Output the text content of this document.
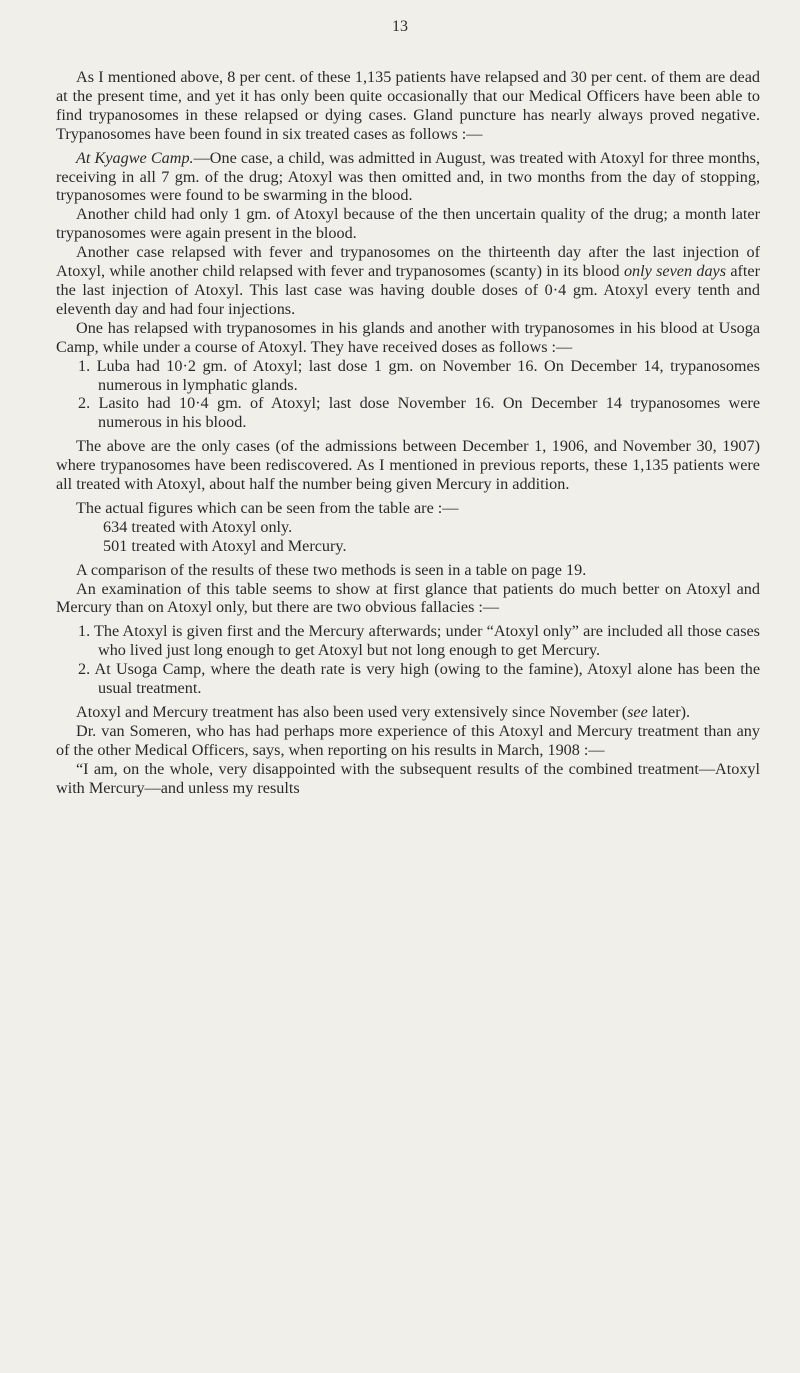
13

As I mentioned above, 8 per cent. of these 1,135 patients have relapsed and 30 per cent. of them are dead at the present time, and yet it has only been quite occasionally that our Medical Officers have been able to find trypanosomes in these relapsed or dying cases. Gland puncture has nearly always proved negative. Trypanosomes have been found in six treated cases as follows :—

At Kyagwe Camp.—One case, a child, was admitted in August, was treated with Atoxyl for three months, receiving in all 7 gm. of the drug; Atoxyl was then omitted and, in two months from the day of stopping, trypanosomes were found to be swarming in the blood.

Another child had only 1 gm. of Atoxyl because of the then uncertain quality of the drug; a month later trypanosomes were again present in the blood.

Another case relapsed with fever and trypanosomes on the thirteenth day after the last injection of Atoxyl, while another child relapsed with fever and trypanosomes (scanty) in its blood only seven days after the last injection of Atoxyl. This last case was having double doses of 0·4 gm. Atoxyl every tenth and eleventh day and had four injections.

One has relapsed with trypanosomes in his glands and another with trypanosomes in his blood at Usoga Camp, while under a course of Atoxyl. They have received doses as follows :—

1. Luba had 10·2 gm. of Atoxyl; last dose 1 gm. on November 16. On December 14, trypanosomes numerous in lymphatic glands.

2. Lasito had 10·4 gm. of Atoxyl; last dose November 16. On December 14 trypanosomes were numerous in his blood.

The above are the only cases (of the admissions between December 1, 1906, and November 30, 1907) where trypanosomes have been rediscovered. As I mentioned in previous reports, these 1,135 patients were all treated with Atoxyl, about half the number being given Mercury in addition.

The actual figures which can be seen from the table are :—

634 treated with Atoxyl only.

501 treated with Atoxyl and Mercury.

A comparison of the results of these two methods is seen in a table on page 19.

An examination of this table seems to show at first glance that patients do much better on Atoxyl and Mercury than on Atoxyl only, but there are two obvious fallacies :—

1. The Atoxyl is given first and the Mercury afterwards; under “Atoxyl only” are included all those cases who lived just long enough to get Atoxyl but not long enough to get Mercury.

2. At Usoga Camp, where the death rate is very high (owing to the famine), Atoxyl alone has been the usual treatment.

Atoxyl and Mercury treatment has also been used very extensively since November (see later).

Dr. van Someren, who has had perhaps more experience of this Atoxyl and Mercury treatment than any of the other Medical Officers, says, when reporting on his results in March, 1908 :—

“I am, on the whole, very disappointed with the subsequent results of the combined treatment—Atoxyl with Mercury—and unless my results
